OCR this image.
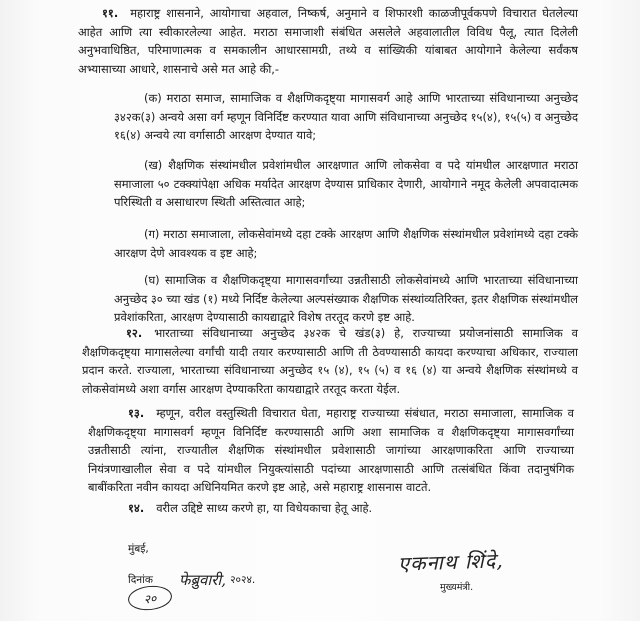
११. महाराष्ट्र शासनाने, आयोगाचा अहवाल, निष्कर्ष, अनुमाने व शिफारशी काळजीपूर्वकपणे विचारात घेतलेल्या आहेत आणि त्या स्वीकारलेल्या आहेत. मराठा समाजाशी संबंधित असलेले अहवालातील विविध पैलू, त्यात दिलेली अनुभवाधिष्ठित, परिमाणात्मक व समकालीन आधारसामग्री, तथ्ये व सांख्यिकी यांबाबत आयोगाने केलेल्या सर्वंकष अभ्यासाच्या आधारे, शासनाचे असे मत आहे की,-

(क) मराठा समाज, सामाजिक व शैक्षणिकदृष्ट्या मागासवर्ग आहे आणि भारताच्या संविधानाच्या अनुच्छेद ३४२क(३) अन्वये असा वर्ग म्हणून विनिर्दिष्ट करण्यात यावा आणि संविधानाच्या अनुच्छेद १५(४), १५(५) व अनुच्छेद १६(४) अन्वये त्या वर्गासाठी आरक्षण देण्यात यावे;

(ख) शैक्षणिक संस्थांमधील प्रवेशांमधील आरक्षणात आणि लोकसेवा व पदे यांमधील आरक्षणात मराठा समाजाला ५० टक्क्यांपेक्षा अधिक मर्यादेत आरक्षण देण्यास प्राधिकार देणारी, आयोगाने नमूद केलेली अपवादात्मक परिस्थिती व असाधारण स्थिती अस्तित्वात आहे;

(ग) मराठा समाजाला, लोकसेवांमध्ये दहा टक्के आरक्षण आणि शैक्षणिक संस्थांमधील प्रवेशांमध्ये दहा टक्के आरक्षण देणे आवश्यक व इष्ट आहे;

(घ) सामाजिक व शैक्षणिकदृष्ट्या मागासवर्गांच्या उन्नतीसाठी लोकसेवांमध्ये आणि भारताच्या संविधानाच्या अनुच्छेद ३० च्या खंड (१) मध्ये निर्दिष्ट केलेल्या अल्पसंख्याक शैक्षणिक संस्थांव्यतिरिक्त, इतर शैक्षणिक संस्थांमधील प्रवेशांकरिता, आरक्षण देण्यासाठी कायद्याद्वारे विशेष तरतूद करणे इष्ट आहे.

१२. भारताच्या संविधानाच्या अनुच्छेद ३४२क चे खंड(३) हे, राज्याच्या प्रयोजनांसाठी सामाजिक व शैक्षणिकदृष्ट्या मागासलेल्या वर्गांची यादी तयार करण्यासाठी आणि ती ठेवण्यासाठी कायदा करण्याचा अधिकार, राज्याला प्रदान करते. राज्याला, भारताच्या संविधानाच्या अनुच्छेद १५ (४), १५ (५) व १६ (४) या अन्वये शैक्षणिक संस्थांमध्ये व लोकसेवांमध्ये अशा वर्गास आरक्षण देण्याकरिता कायद्याद्वारे तरतूद करता येईल.
१३. म्हणून, वरील वस्तुस्थिती विचारात घेता, महाराष्ट्र राज्याच्या संबंधात, मराठा समाजाला, सामाजिक व शैक्षणिकदृष्ट्या मागासवर्ग म्हणून विनिर्दिष्ट करण्यासाठी आणि अशा सामाजिक व शैक्षणिकदृष्ट्या मागासवर्गांच्या उन्नतीसाठी त्यांना, राज्यातील शैक्षणिक संस्थांमधील प्रवेशासाठी जागांच्या आरक्षणाकरिता आणि राज्याच्या नियंत्रणाखालील सेवा व पदे यांमधील नियुक्त्यांसाठी पदांच्या आरक्षणासाठी आणि तत्संबंधित किंवा तदानुषंगिक बाबींकरिता नवीन कायदा अधिनियमित करणे इष्ट आहे, असे महाराष्ट्र शासनास वाटते.
१४. वरील उद्दिष्टे साध्य करणे हा, या विधेयकाचा हेतू आहे.
मुंबई,
दिनांक फेब्रुवारी, २०२४.
२०
एकनाथ शिंदे,
मुख्यमंत्री.
